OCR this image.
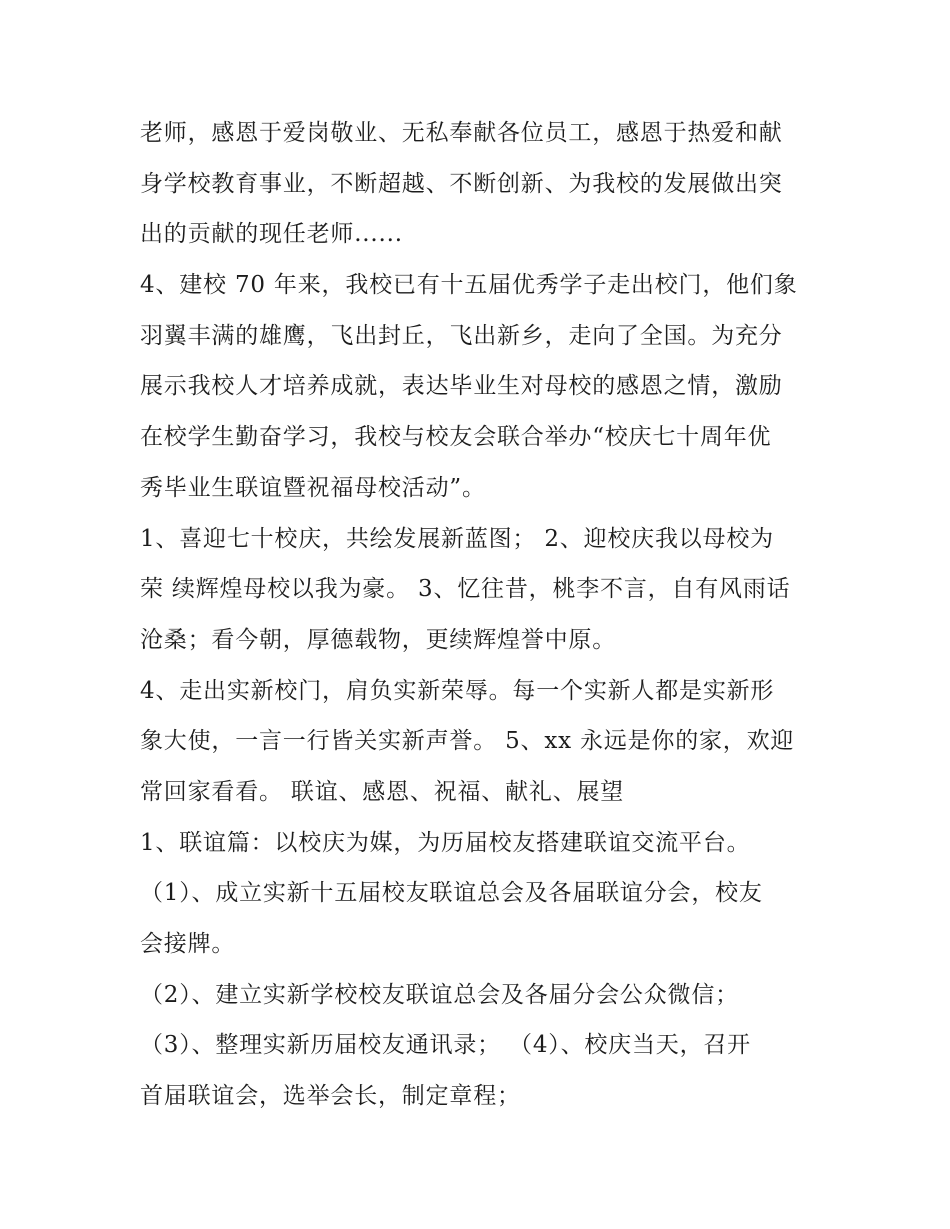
老师，感恩于爱岗敬业、无私奉献各位员工，感恩于热爱和献
身学校教育事业，不断超越、不断创新、为我校的发展做出突
出的贡献的现任老师......
4、建校 70 年来，我校已有十五届优秀学子走出校门，他们象
羽翼丰满的雄鹰，飞出封丘，飞出新乡，走向了全国。为充分
展示我校人才培养成就，表达毕业生对母校的感恩之情，激励
在校学生勤奋学习，我校与校友会联合举办“校庆七十周年优
秀毕业生联谊暨祝福母校活动”。
1、喜迎七十校庆，共绘发展新蓝图； 2、迎校庆我以母校为
荣 续辉煌母校以我为豪。 3、忆往昔，桃李不言，自有风雨话
沧桑；看今朝，厚德载物，更续辉煌誉中原。
4、走出实新校门，肩负实新荣辱。每一个实新人都是实新形
象大使，一言一行皆关实新声誉。 5、xx 永远是你的家，欢迎
常回家看看。 联谊、感恩、祝福、献礼、展望
1、联谊篇：以校庆为媒，为历届校友搭建联谊交流平台。
（1）、成立实新十五届校友联谊总会及各届联谊分会，校友
会接牌。
（2）、建立实新学校校友联谊总会及各届分会公众微信；
（3）、整理实新历届校友通讯录； （4）、校庆当天，召开
首届联谊会，选举会长，制定章程；
